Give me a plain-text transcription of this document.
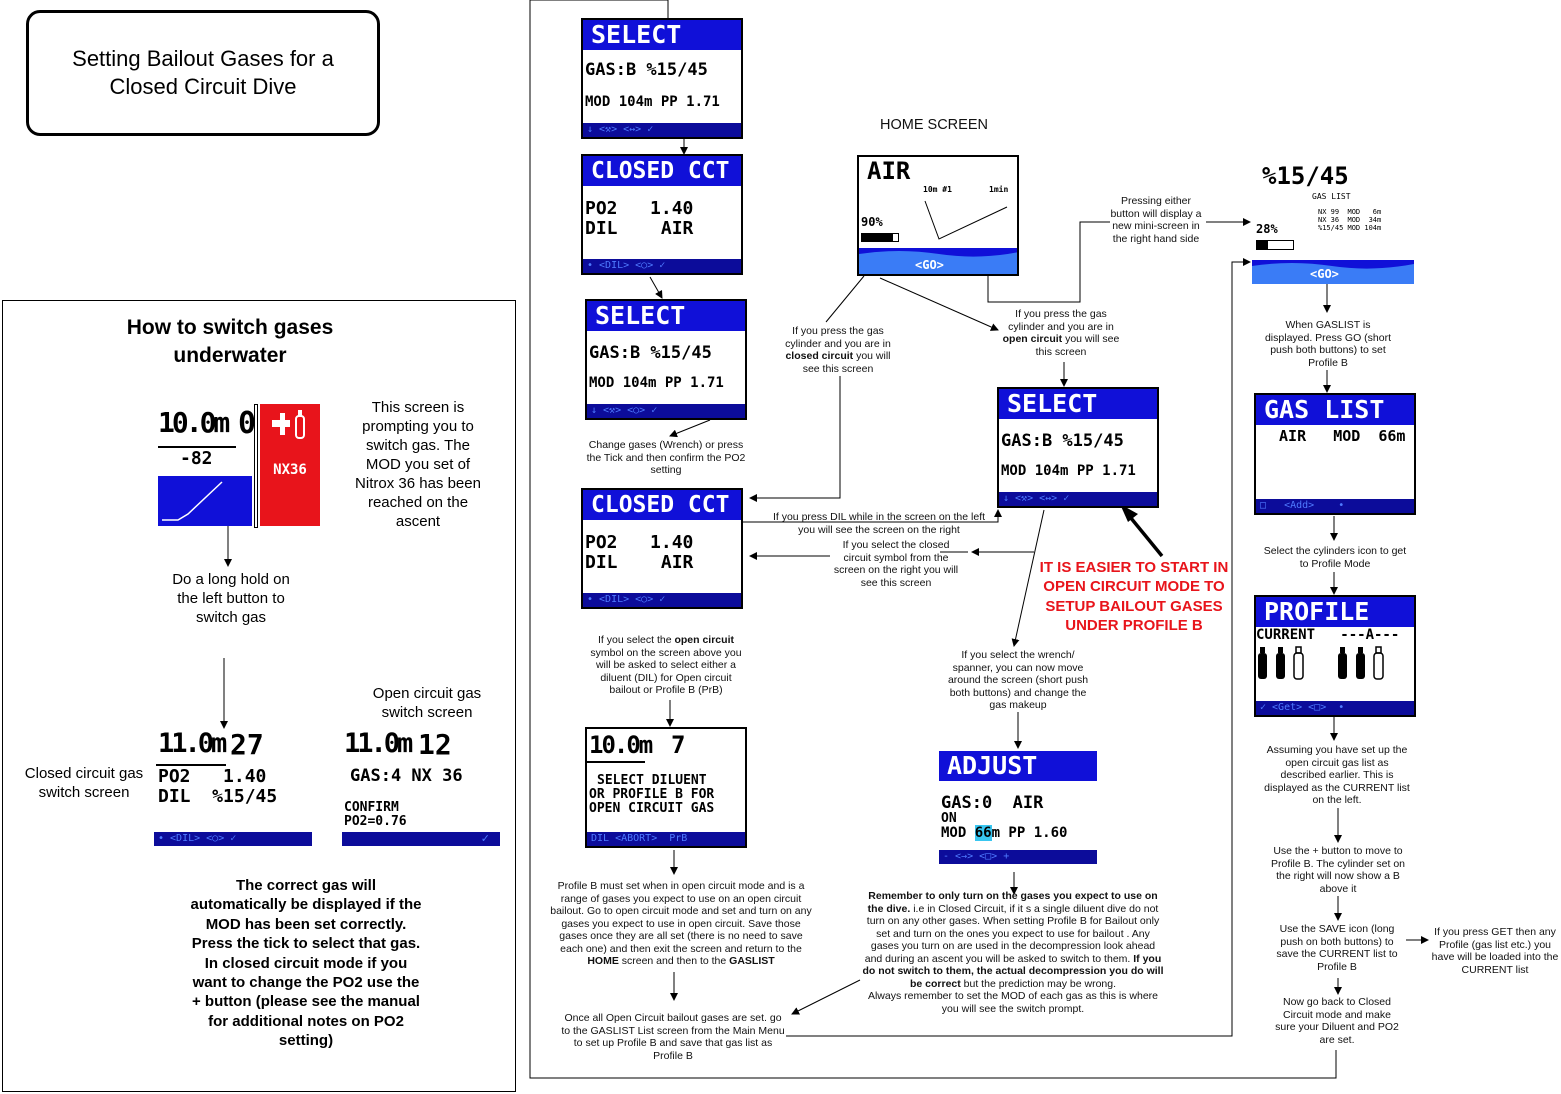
Setting Bailout Gases for a Closed Circuit Dive
How to switch gases underwater
10.0m 0
-82
NX36
This screen is prompting you to switch gas. The MOD you set of Nitrox 36 has been reached on the ascent
Do a long hold on the left button to switch gas
Open circuit gas switch screen
Closed circuit gas switch screen
11.0m 27
PO2   1.40
DIL  %15/45
• <DIL> <○> ✓
11.0m 12
GAS:4 NX 36
CONFIRM
PO2=0.76
✓
The correct gas will automatically be displayed if the MOD has been set correctly. Press the tick to select that gas. In closed circuit mode if you want to change the PO2 use the + button (please see the manual for additional notes on PO2 setting)
SELECT
GAS:B %15/45
MOD 104m PP 1.71
↓ <⚒> <↔> ✓
CLOSED CCT
PO2   1.40
DIL    AIR
• <DIL> <○> ✓
SELECT
GAS:B %15/45
MOD 104m PP 1.71
↓ <⚒> <○> ✓
CLOSED CCT
PO2   1.40
DIL    AIR
• <DIL> <○> ✓
10.0m 7
SELECT DILUENT
OR PROFILE B FOR
OPEN CIRCUIT GAS
DIL <ABORT>  PrB
Change gases (Wrench) or press the Tick and then confirm the PO2 setting
If you select the open circuit symbol on the screen above you will be asked to select either a diluent (DIL) for Open circuit bailout or Profile B (PrB)
Profile B must set when in open circuit mode and is a range of gases you expect to use on an open circuit bailout. Go to open circuit mode and set and turn on any gases you expect to use in open circuit. Save those gases once they are all set (there is no need to save each one) and then exit the screen and return to the HOME screen and then to the GASLIST
Once all Open Circuit bailout gases are set. go to the GASLIST List screen from the Main Menu to set up Profile B and save that gas list as Profile B
HOME SCREEN
AIR
10m #1	1min
90%
<GO>
Pressing either button will display a new mini-screen in the right hand side
If you press the gas cylinder and you are in closed circuit you will see this screen
If you press the gas cylinder and you are in open circuit you will see this screen
SELECT
GAS:B %15/45
MOD 104m PP 1.71
↓ <⚒> <↔> ✓
If you press DIL while in the screen on the left you will see the screen on the right
If you select the closed circuit symbol from the screen on the right you will see this screen
IT IS EASIER TO START IN OPEN CIRCUIT MODE TO SETUP BAILOUT GASES UNDER PROFILE B
If you select the wrench/ spanner, you can now move around the screen (short push both buttons) and change the gas makeup
ADJUST
GAS:0  AIR
ON
MOD 66m PP 1.60
- <→> <□> +
Remember to only turn on the gases you expect to use on the dive. i.e in Closed Circuit, if it s a single diluent dive do not turn on any other gases. When setting Profile B for Bailout only set and turn on the ones you expect to use for bailout . Any gases you turn on are used in the decompression look ahead and during an ascent you will be asked to switch to them. If you do not switch to them, the actual decompression you do will be correct but the prediction may be wrong.
Always remember to set the MOD of each gas as this is where you will see the switch prompt.
%15/45
GAS LIST
NX 99  MOD   6m
NX 36  MOD  34m
%15/45 MOD 104m
28%
<GO>
When GASLIST is displayed. Press GO (short push both buttons) to set Profile B
GAS LIST
AIR   MOD  66m
□   <Add>    •
Select the cylinders icon to get to Profile Mode
PROFILE
CURRENT   ---A---
✓ <Get> <□>  •
Assuming you have set up the open circuit gas list as described earlier. This is displayed as the CURRENT list on the left.
Use the + button to move to Profile B. The cylinder set on the right will now show a B above it
Use the SAVE icon (long push on both buttons) to save the CURRENT list to Profile B
If you press GET then any Profile (gas list etc.) you have will be loaded into the CURRENT list
Now go back to Closed Circuit mode and make sure your Diluent and PO2 are set.
